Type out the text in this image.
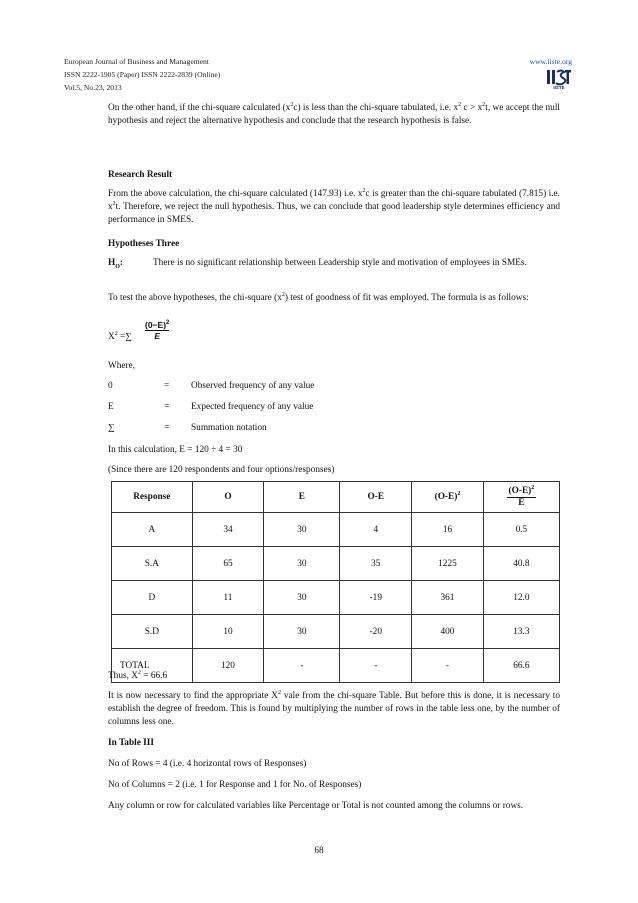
European Journal of Business and Management
ISSN 2222-1905 (Paper) ISSN 2222-2839 (Online)
Vol.5, No.23, 2013
www.iiste.org
IISTE
On the other hand, if the chi-square calculated $(x^2c)$ is less than the chi-square tabulated, i.e. $x^2$ $c > x^2t$, we accept the null hypothesis and reject the alternative hypothesis and conclude that the research hypothesis is false.
Research Result
From the above calculation, the chi-square calculated (147.93) i.e. $x^2c$ is greater than the chi-square tabulated (7.815) i.e. $x^2t$. Therefore, we reject the null hypothesis. Thus, we can conclude that good leadership style determines efficiency and performance in SMES.
Hypotheses Three
$H_O$:	There is no significant relationship between Leadership style and motivation of employees in SMEs.
To test the above hypotheses, the chi-square $(x^2)$ test of goodness of fit was employed. The formula is as follows:
$X^2$ =∑
$(0-E)^2$
E
Where,
0	= Observed frequency of any value
E	= Expected frequency of any value
∑	= Summation notation
In this calculation, E = 120 ÷ 4 = 30
(Since there are 120 respondents and four options/responses)
Response	O	E	O-E	$(O-E)^2$	$\frac{(O-E)^2}{E}$

A	34	30	4	16	0.5
S.A	65	30	35	1225	40.8
D	11	30	-19	361	12.0
S.D	10	30	-20	400	13.3
TOTAL	120	-	-	-	66.6
Thus, $X^2 = 66.6$
It is now necessary to find the appropriate $X^2$ vale from the chi-square Table. But before this is done, it is necessary to establish the degree of freedom. This is found by multiplying the number of rows in the table less one, by the number of columns less one.
In Table III
No of Rows = 4 (i.e. 4 horizontal rows of Responses)
No of Columns = 2 (i.e. 1 for Response and 1 for No. of Responses)
Any column or row for calculated variables like Percentage or Total is not counted among the columns or rows.
68
